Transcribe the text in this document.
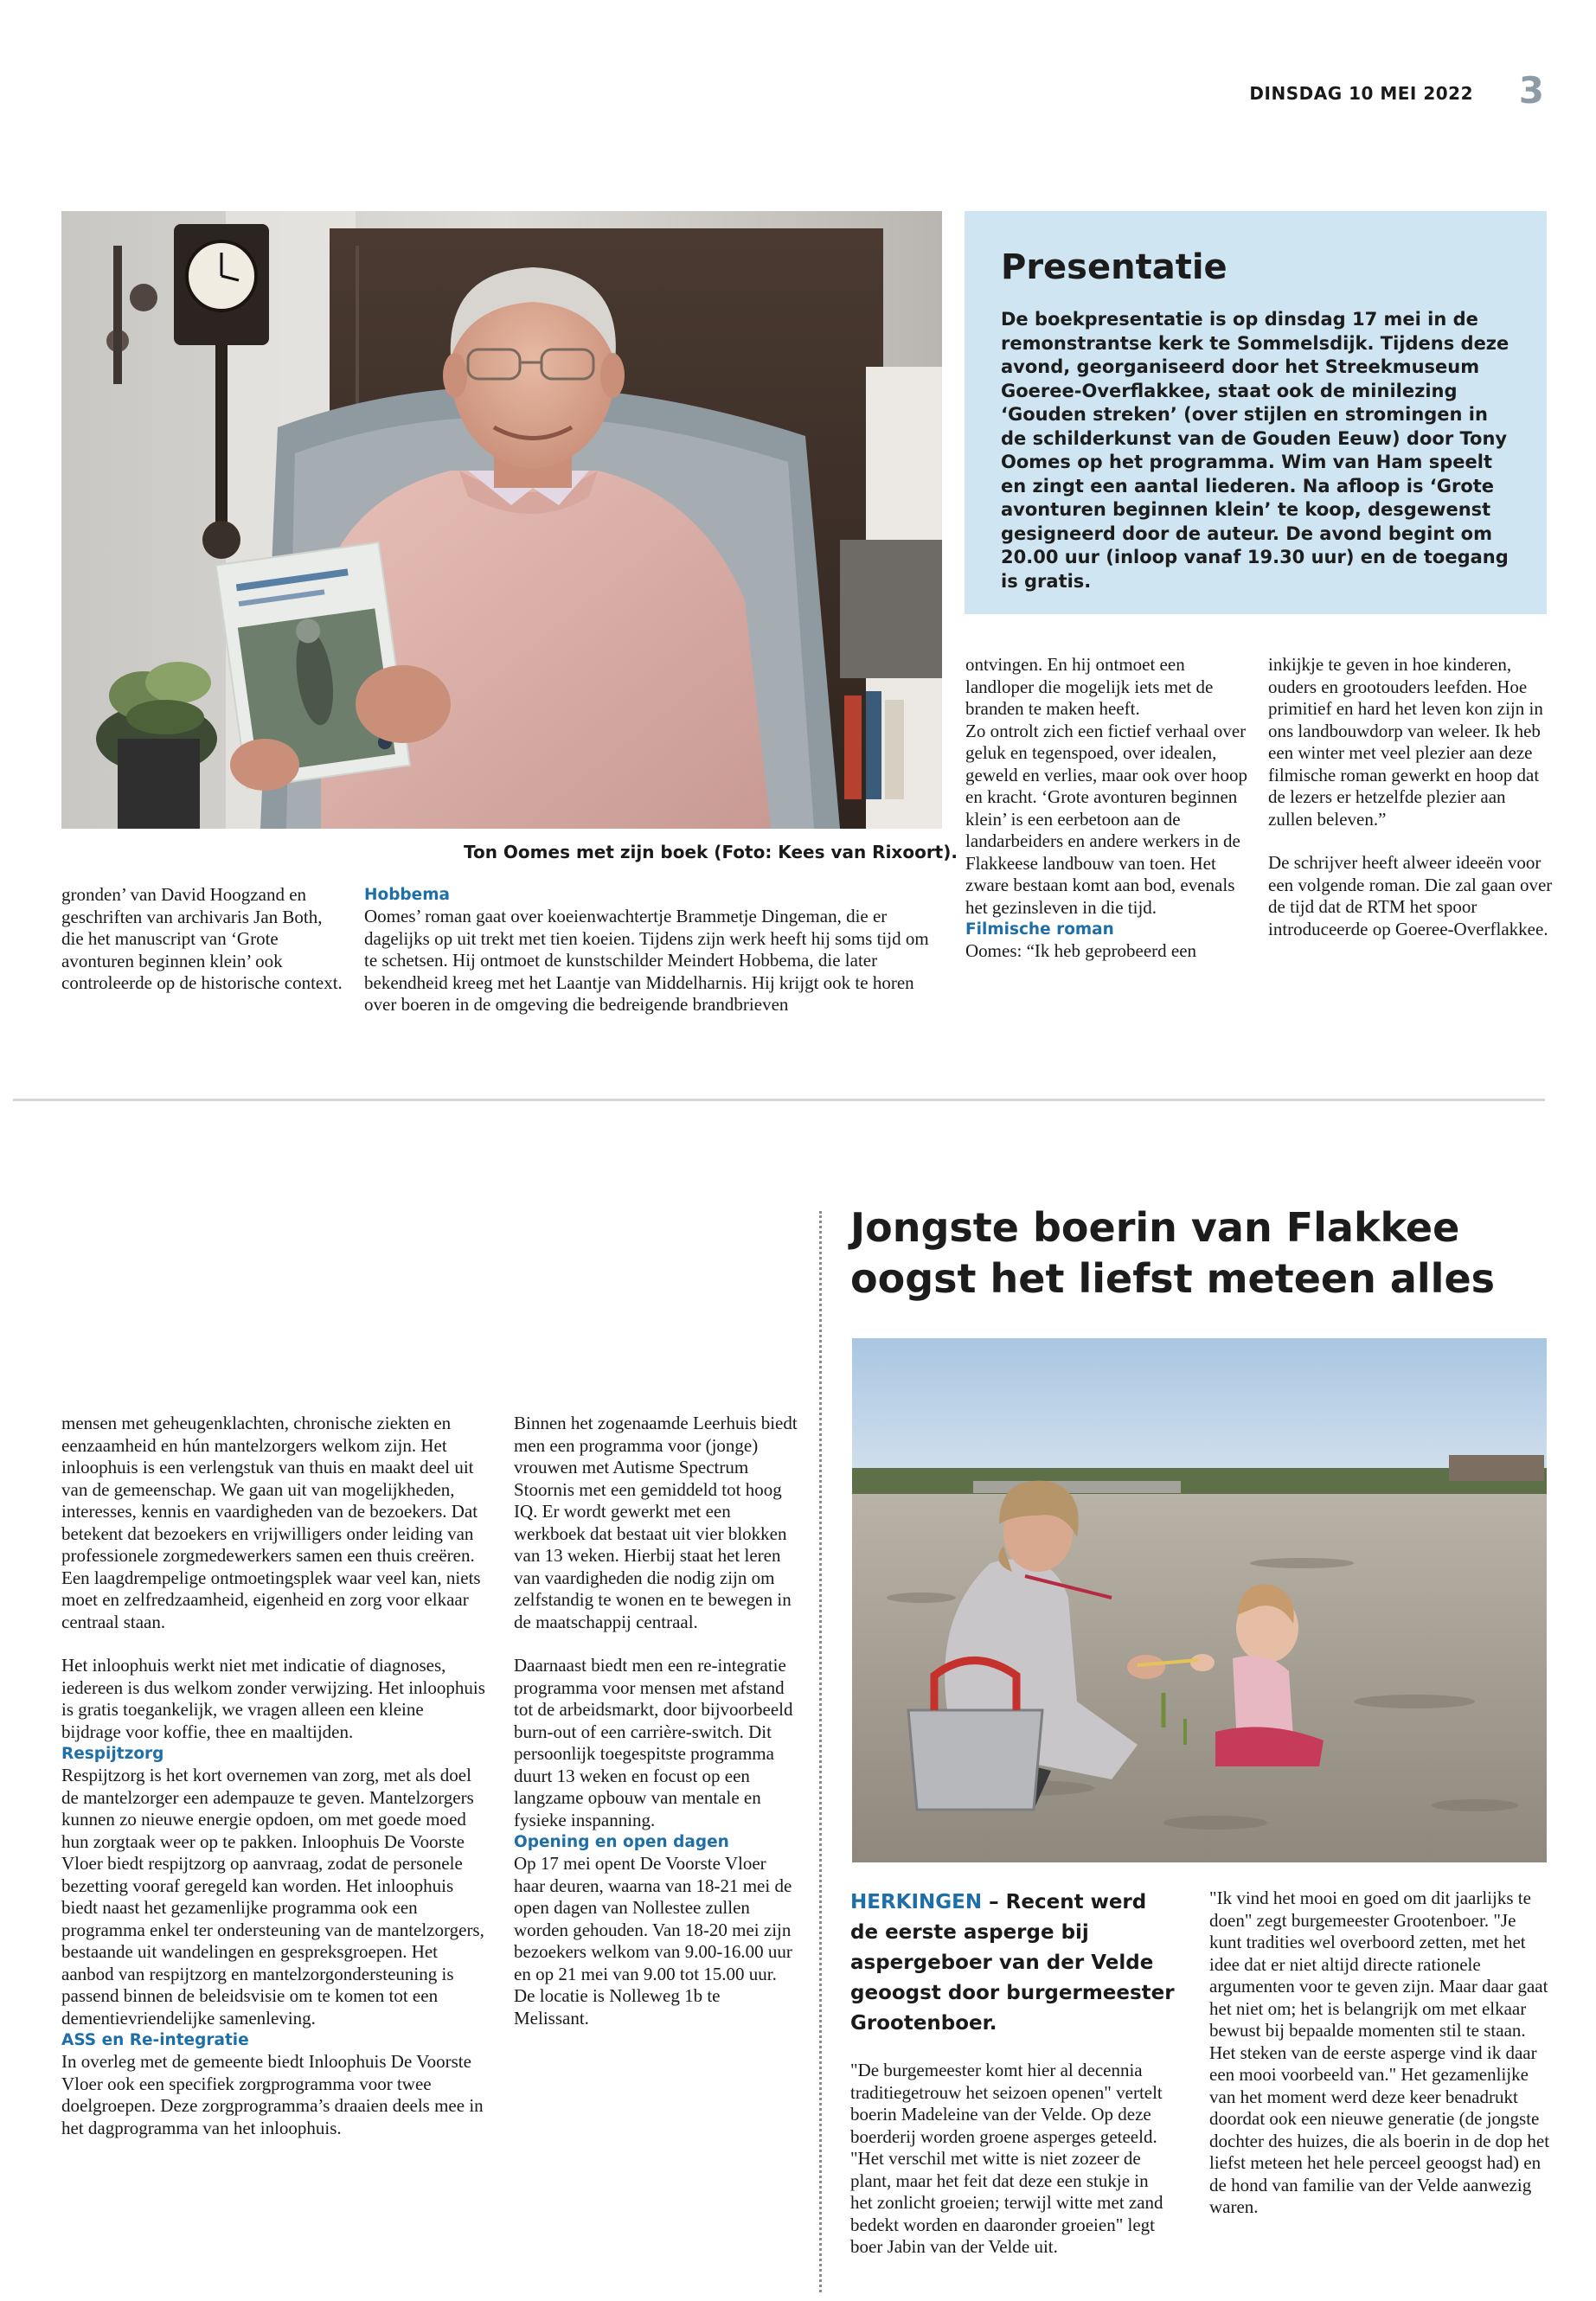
DINSDAG 10 MEI 2022 3
Presentatie

De boekpresentatie is op dinsdag 17 mei in de remonstrantse kerk te Sommelsdijk. Tijdens deze avond, georganiseerd door het Streekmuseum Goeree-Overflakkee, staat ook de minilezing ‘Gouden streken’ (over stijlen en stromingen in de schilderkunst van de Gouden Eeuw) door Tony Oomes op het programma. Wim van Ham speelt en zingt een aantal liederen. Na afloop is ‘Grote avonturen beginnen klein’ te koop, desgewenst gesigneerd door de auteur. De avond begint om 20.00 uur (inloop vanaf 19.30 uur) en de toegang is gratis.

Ton Oomes met zijn boek (Foto: Kees van Rixoort).

gronden’ van David Hoogzand en geschriften van archivaris Jan Both, die het manuscript van ‘Grote avonturen beginnen klein’ ook controleerde op de historische context.

Hobbema

Oomes’ roman gaat over koeienwachtertje Brammetje Dingeman, die er dagelijks op uit trekt met tien koeien. Tijdens zijn werk heeft hij soms tijd om te schetsen. Hij ontmoet de kunstschilder Meindert Hobbema, die later bekendheid kreeg met het Laantje van Middelharnis. Hij krijgt ook te horen over boeren in de omgeving die bedreigende brandbrieven

ontvingen. En hij ontmoet een landloper die mogelijk iets met de branden te maken heeft.

Zo ontrolt zich een fictief verhaal over geluk en tegenspoed, over idealen, geweld en verlies, maar ook over hoop en kracht. ‘Grote avonturen beginnen klein’ is een eerbetoon aan de landarbeiders en andere werkers in de Flakkeese landbouw van toen. Het zware bestaan komt aan bod, evenals het gezinsleven in die tijd.

Filmische roman

Oomes: “Ik heb geprobeerd een

inkijkje te geven in hoe kinderen, ouders en grootouders leefden. Hoe primitief en hard het leven kon zijn in ons landbouwdorp van weleer. Ik heb een winter met veel plezier aan deze filmische roman gewerkt en hoop dat de lezers er hetzelfde plezier aan zullen beleven.”

De schrijver heeft alweer ideeën voor een volgende roman. Die zal gaan over de tijd dat de RTM het spoor introduceerde op Goeree-Overflakkee.

Jongste boerin van Flakkee oogst het liefst meteen alles

mensen met geheugenklachten, chronische ziekten en eenzaamheid en hún mantelzorgers welkom zijn. Het inloophuis is een verlengstuk van thuis en maakt deel uit van de gemeenschap. We gaan uit van mogelijkheden, interesses, kennis en vaardigheden van de bezoekers. Dat betekent dat bezoekers en vrijwilligers onder leiding van professionele zorgmedewerkers samen een thuis creëren. Een laagdrempelige ontmoetingsplek waar veel kan, niets moet en zelfredzaamheid, eigenheid en zorg voor elkaar centraal staan.

Het inloophuis werkt niet met indicatie of diagnoses, iedereen is dus welkom zonder verwijzing. Het inloophuis is gratis toegankelijk, we vragen alleen een kleine bijdrage voor koffie, thee en maaltijden.

Respijtzorg

Respijtzorg is het kort overnemen van zorg, met als doel de mantelzorger een adempauze te geven. Mantelzorgers kunnen zo nieuwe energie opdoen, om met goede moed hun zorgtaak weer op te pakken. Inloophuis De Voorste Vloer biedt respijtzorg op aanvraag, zodat de personele bezetting vooraf geregeld kan worden. Het inloophuis biedt naast het gezamenlijke programma ook een programma enkel ter ondersteuning van de mantelzorgers, bestaande uit wandelingen en gespreksgroepen. Het aanbod van respijtzorg en mantelzorgondersteuning is passend binnen de beleidsvisie om te komen tot een dementievriendelijke samenleving.

ASS en Re-integratie

In overleg met de gemeente biedt Inloophuis De Voorste Vloer ook een specifiek zorgprogramma voor twee doelgroepen. Deze zorgprogramma’s draaien deels mee in het dagprogramma van het inloophuis.

Binnen het zogenaamde Leerhuis biedt men een programma voor (jonge) vrouwen met Autisme Spectrum Stoornis met een gemiddeld tot hoog IQ. Er wordt gewerkt met een werkboek dat bestaat uit vier blokken van 13 weken. Hierbij staat het leren van vaardigheden die nodig zijn om zelfstandig te wonen en te bewegen in de maatschappij centraal.

Daarnaast biedt men een re-integratie programma voor mensen met afstand tot de arbeidsmarkt, door bijvoorbeeld burn-out of een carrière-switch. Dit persoonlijk toegespitste programma duurt 13 weken en focust op een langzame opbouw van mentale en fysieke inspanning.

Opening en open dagen

Op 17 mei opent De Voorste Vloer haar deuren, waarna van 18-21 mei de open dagen van Nollestee zullen worden gehouden. Van 18-20 mei zijn bezoekers welkom van 9.00-16.00 uur en op 21 mei van 9.00 tot 15.00 uur. De locatie is Nolleweg 1b te Melissant.

HERKINGEN – Recent werd de eerste asperge bij aspergeboer van der Velde geoogst door burgermeester Grootenboer.

"De burgemeester komt hier al decennia traditiegetrouw het seizoen openen" vertelt boerin Madeleine van der Velde. Op deze boerderij worden groene asperges geteeld. "Het verschil met witte is niet zozeer de plant, maar het feit dat deze een stukje in het zonlicht groeien; terwijl witte met zand bedekt worden en daaronder groeien" legt boer Jabin van der Velde uit.

"Ik vind het mooi en goed om dit jaarlijks te doen" zegt burgemeester Grootenboer. "Je kunt tradities wel overboord zetten, met het idee dat er niet altijd directe rationele argumenten voor te geven zijn. Maar daar gaat het niet om; het is belangrijk om met elkaar bewust bij bepaalde momenten stil te staan. Het steken van de eerste asperge vind ik daar een mooi voorbeeld van." Het gezamenlijke van het moment werd deze keer benadrukt doordat ook een nieuwe generatie (de jongste dochter des huizes, die als boerin in de dop het liefst meteen het hele perceel geoogst had) en de hond van familie van der Velde aanwezig waren.
